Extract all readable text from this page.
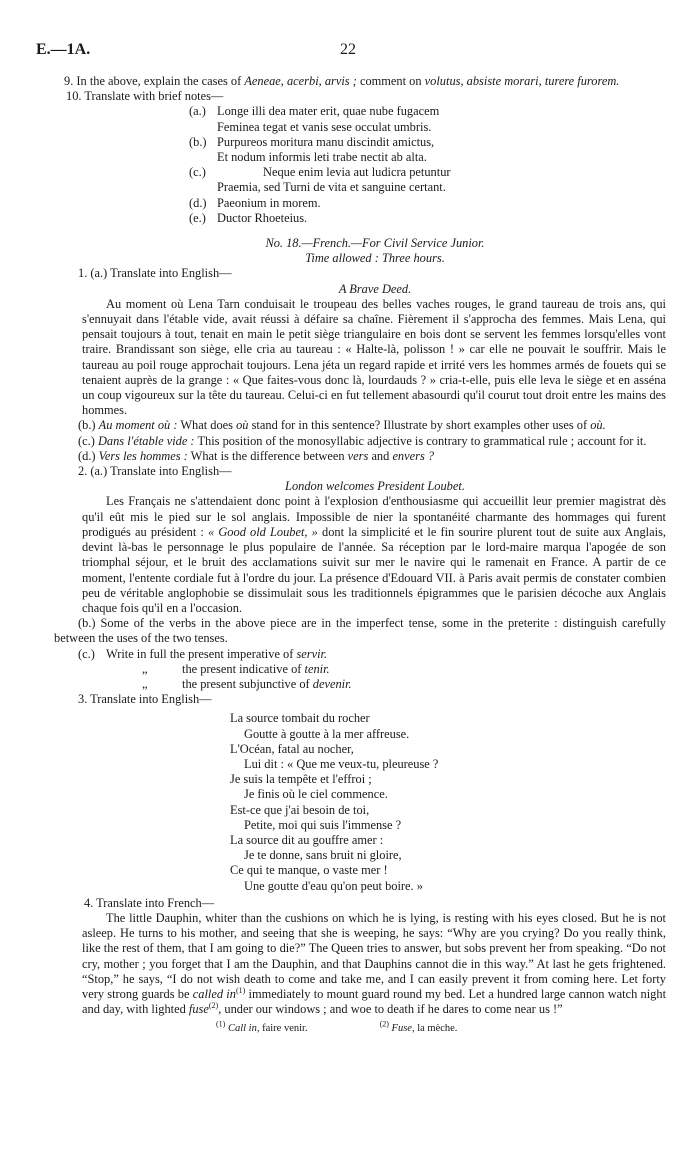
E.—1A.	22

9. In the above, explain the cases of Aeneae, acerbi, arvis ; comment on volutus, absiste morari, turere furorem.

10. Translate with brief notes—

(a.) Longe illi dea mater erit, quae nube fugacem
Feminea tegat et vanis sese occulat umbris.
(b.) Purpureos moritura manu discindit amictus,
Et nodum informis leti trabe nectit ab alta.
(c.)	Neque enim levia aut ludicra petuntur
Praemia, sed Turni de vita et sanguine certant.
(d.) Paeonium in morem.
(e.) Ductor Rhoeteius.

No. 18.—French.—For Civil Service Junior.

Time allowed : Three hours.

1. (a.) Translate into English—

A Brave Deed.

Au moment où Lena Tarn conduisait le troupeau des belles vaches rouges, le grand taureau de trois ans, qui s'ennuyait dans l'étable vide, avait réussi à défaire sa chaîne. Fièrement il s'approcha des femmes. Mais Lena, qui pensait toujours à tout, tenait en main le petit siège triangulaire en bois dont se servent les femmes lorsqu'elles vont traire. Brandissant son siège, elle cria au taureau : « Halte-là, polisson ! » car elle ne pouvait le souffrir. Mais le taureau au poil rouge approchait toujours. Lena jéta un regard rapide et irrité vers les hommes armés de fouets qui se tenaient auprès de la grange : « Que faites-vous donc là, lourdauds ? » cria-t-elle, puis elle leva le siège et en asséna un coup vigoureux sur la tête du taureau. Celui-ci en fut tellement abasourdi qu'il courut tout droit entre les mains des hommes.

(b.) Au moment où : What does où stand for in this sentence? Illustrate by short examples other uses of où.

(c.) Dans l'étable vide : This position of the monosyllabic adjective is contrary to grammatical rule ; account for it.

(d.) Vers les hommes : What is the difference between vers and envers ?

2. (a.) Translate into English—

London welcomes President Loubet.

Les Français ne s'attendaient donc point à l'explosion d'enthousiasme qui accueillit leur premier magistrat dès qu'il eût mis le pied sur le sol anglais. Impossible de nier la spontanéité charmante des hommages qui furent prodigués au président : « Good old Loubet, » dont la simplicité et le fin sourire plurent tout de suite aux Anglais, devint là-bas le personnage le plus populaire de l'année. Sa réception par le lord-maire marqua l'apogée de son triomphal séjour, et le bruit des acclamations suivit sur mer le navire qui le ramenait en France. A partir de ce moment, l'entente cordiale fut à l'ordre du jour. La présence d'Edouard VII. à Paris avait permis de constater combien peu de véritable anglophobie se dissimulait sous les traditionnels épigrammes que le parisien décoche aux Anglais chaque fois qu'il en a l'occasion.

(b.) Some of the verbs in the above piece are in the imperfect tense, some in the preterite : distinguish carefully between the uses of the two tenses.

(c.) Write in full the present imperative of servir.
„	the present indicative of tenir.
„	the present subjunctive of devenir.

3. Translate into English—

La source tombait du rocher
Goutte à goutte à la mer affreuse.
L'Océan, fatal au nocher,
Lui dit : « Que me veux-tu, pleureuse ?
Je suis la tempête et l'effroi ;
Je finis où le ciel commence.
Est-ce que j'ai besoin de toi,
Petite, moi qui suis l'immense ?
La source dit au gouffre amer :
Je te donne, sans bruit ni gloire,
Ce qui te manque, o vaste mer !
Une goutte d'eau qu'on peut boire. »

4. Translate into French—

The little Dauphin, whiter than the cushions on which he is lying, is resting with his eyes closed. But he is not asleep. He turns to his mother, and seeing that she is weeping, he says: “Why are you crying? Do you really think, like the rest of them, that I am going to die?” The Queen tries to answer, but sobs prevent her from speaking. “Do not cry, mother ; you forget that I am the Dauphin, and that Dauphins cannot die in this way.” At last he gets frightened. “Stop,” he says, “I do not wish death to come and take me, and I can easily prevent it from coming here. Let forty very strong guards be called $in^{(1)}$ immediately to mount guard round my bed. Let a hundred large cannon watch night and day, with lighted fuse$^{(2)}$, under our windows ; and woe to death if he dares to come near us !”

$^{(1)}$ Call in, faire venir.	$^{(2)}$ Fuse, la mèche.
